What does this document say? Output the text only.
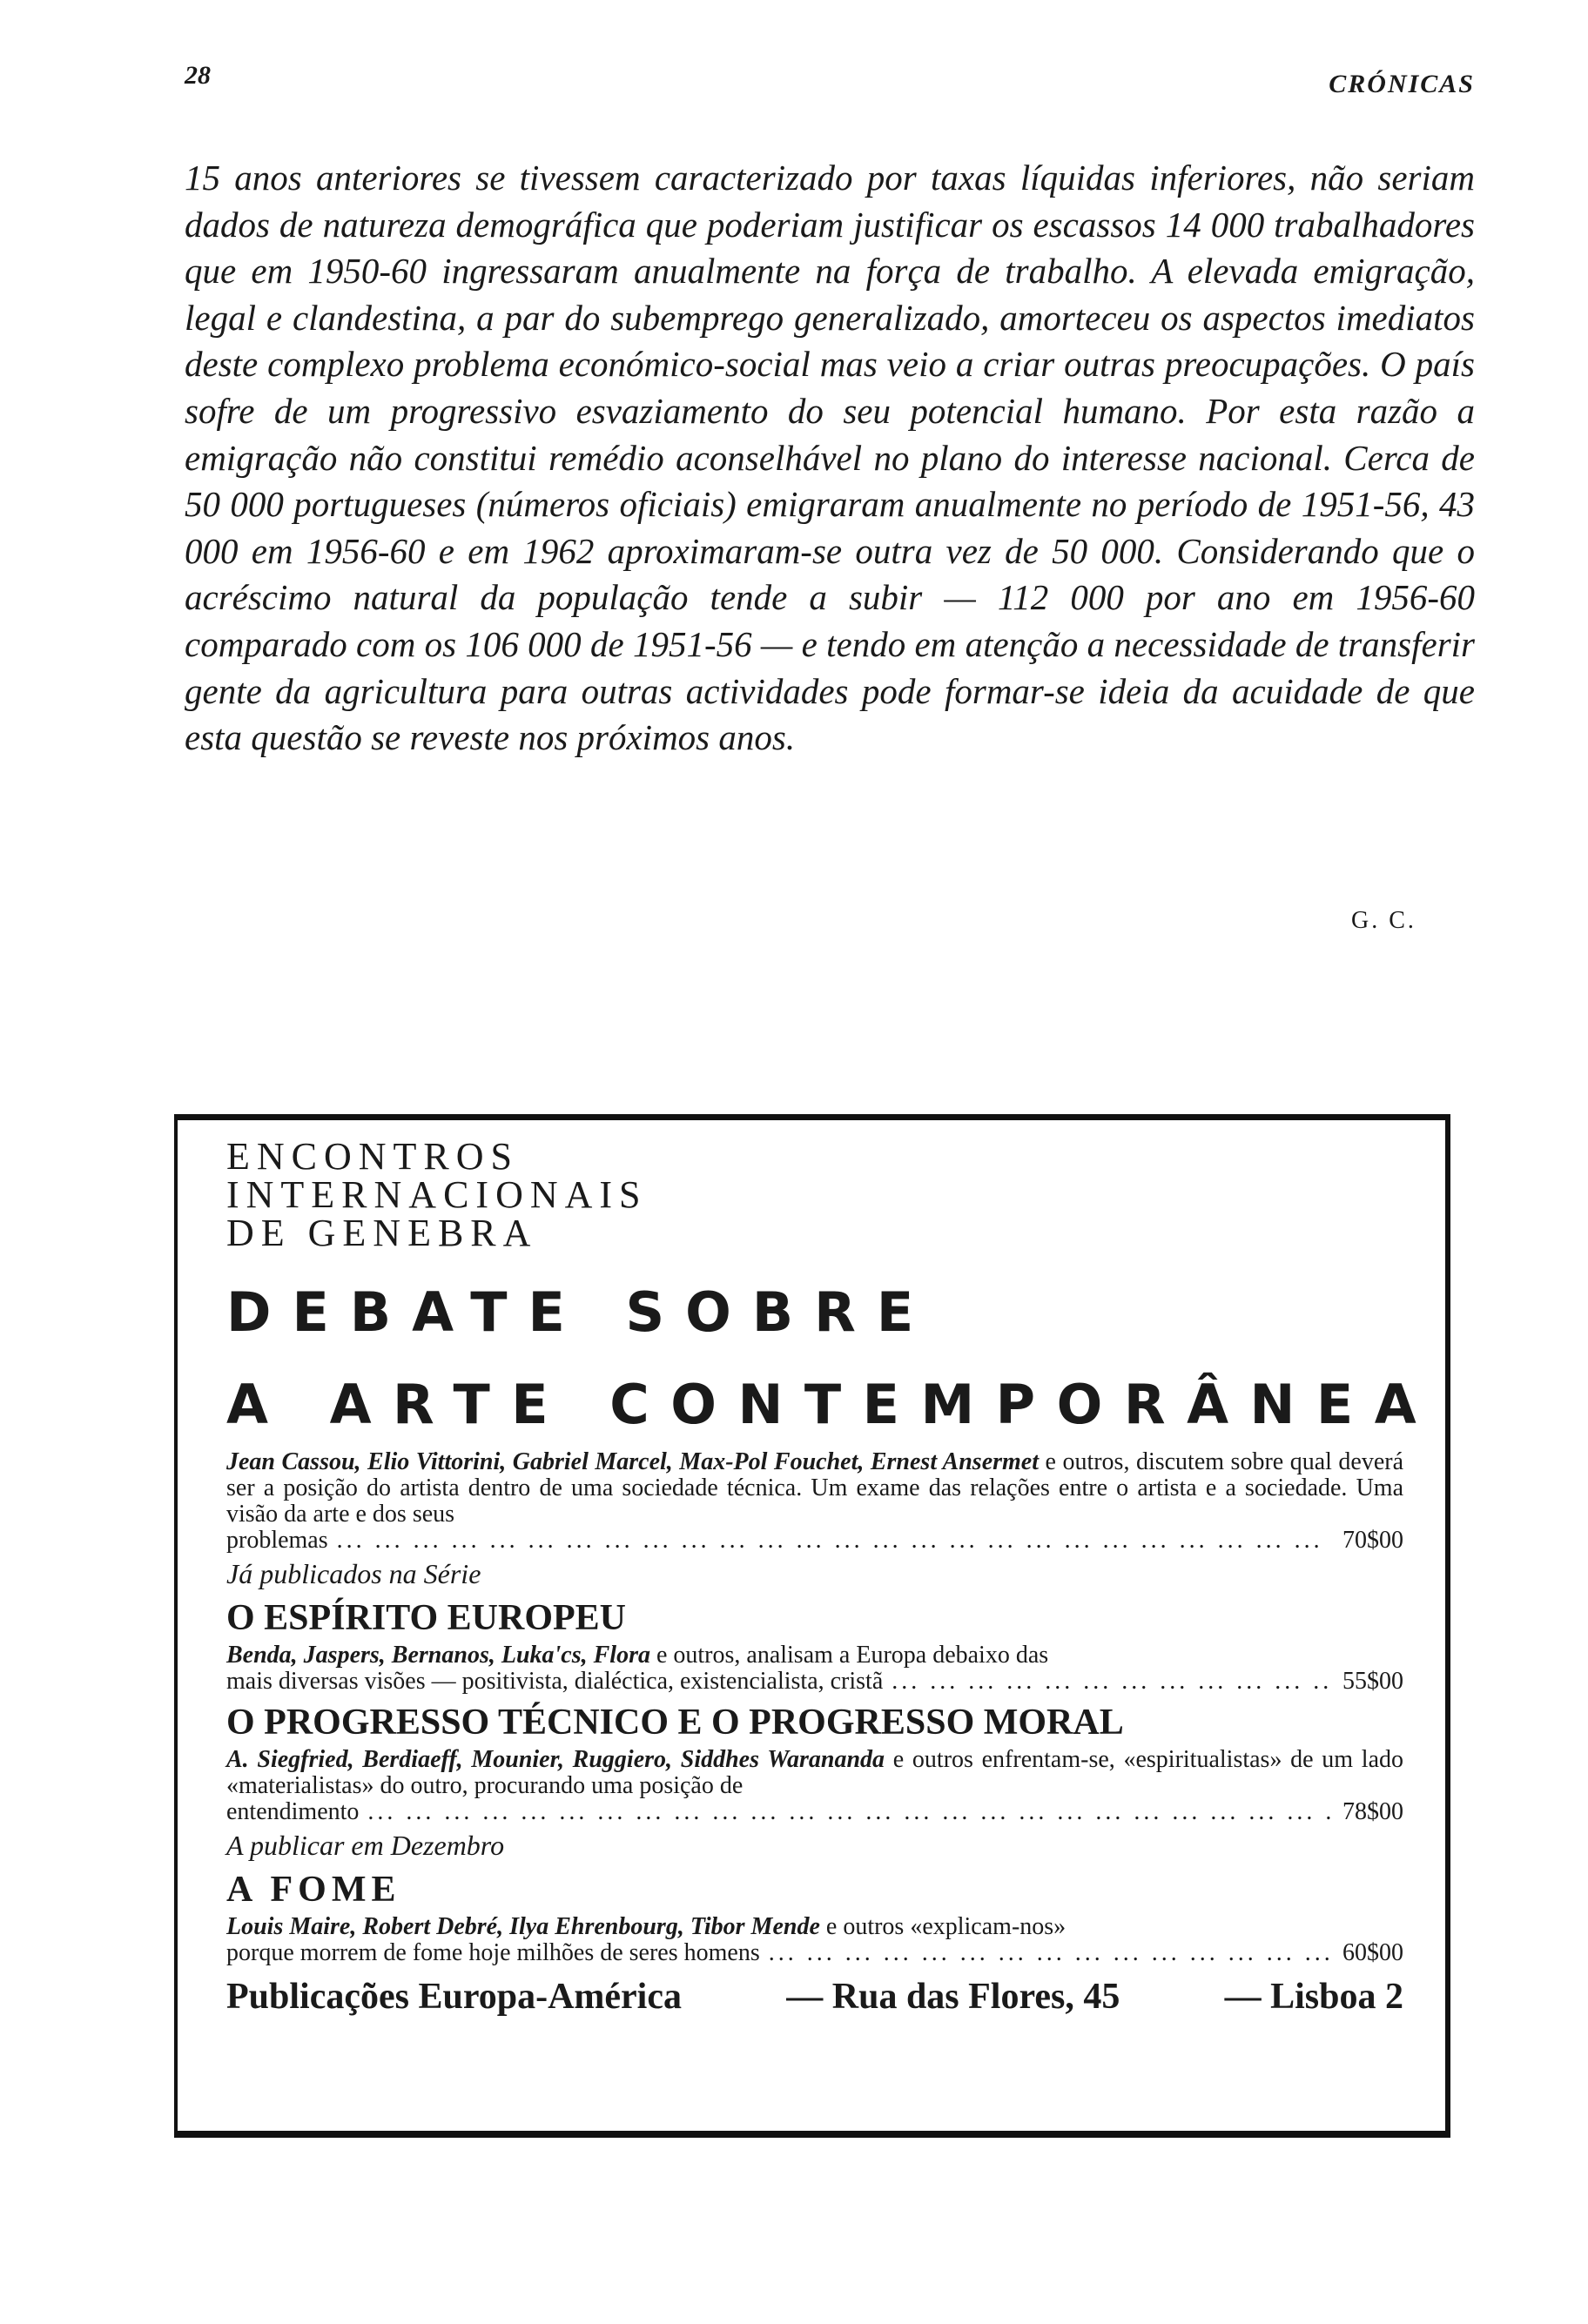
28	CRÓNICAS

15 anos anteriores se tivessem caracterizado por taxas líquidas inferiores, não seriam dados de natureza demográfica que poderiam justificar os escassos 14 000 trabalhadores que em 1950-60 ingressaram anualmente na força de trabalho. A elevada emigração, legal e clandestina, a par do subemprego generalizado, amorteceu os aspectos imediatos deste complexo problema económico-social mas veio a criar outras preocupações. O país sofre de um progressivo esvaziamento do seu potencial humano. Por esta razão a emigração não constitui remédio aconselhável no plano do interesse nacional. Cerca de 50 000 portugueses (números oficiais) emigraram anualmente no período de 1951-56, 43 000 em 1956-60 e em 1962 aproximaram-se outra vez de 50 000. Considerando que o acréscimo natural da população tende a subir — 112 000 por ano em 1956-60 comparado com os 106 000 de 1951-56 — e tendo em atenção a necessidade de transferir gente da agricultura para outras actividades pode formar-se ideia da acuidade de que esta questão se reveste nos próximos anos.

G. C.
ENCONTROS
INTERNACIONAIS
DE GENEBRA
DEBATE SOBRE
A ARTE CONTEMPORÂNEA

Jean Cassou, Elio Vittorini, Gabriel Marcel, Max-Pol Fouchet, Ernest Ansermet e outros, discutem sobre qual deverá ser a posição do artista dentro de uma sociedade técnica. Um exame das relações entre o artista e a sociedade. Uma visão da arte e dos seus

problemas ... .	70$00
Já publicados na Série
O ESPÍRITO EUROPEU

Benda, Jaspers, Bernanos, Luka'cs, Flora e outros, analisam a Europa debaixo das

mais diversas visões — positivista, dialéctica, existencialista, cristã ... .	55$00
O PROGRESSO TÉCNICO E O PROGRESSO MORAL

A. Siegfried, Berdiaeff, Mounier, Ruggiero, Siddhes Warananda e outros enfrentam-se, «espiritualistas» de um lado «materialistas» do outro, procurando uma posição de

entendimento ... .	78$00
A publicar em Dezembro
A FOME

Louis Maire, Robert Debré, Ilya Ehrenbourg, Tibor Mende e outros «explicam-nos»

porque morrem de fome hoje milhões de seres homens ... .	60$00
Publicações Europa-América	— Rua das Flores, 45	— Lisboa 2
